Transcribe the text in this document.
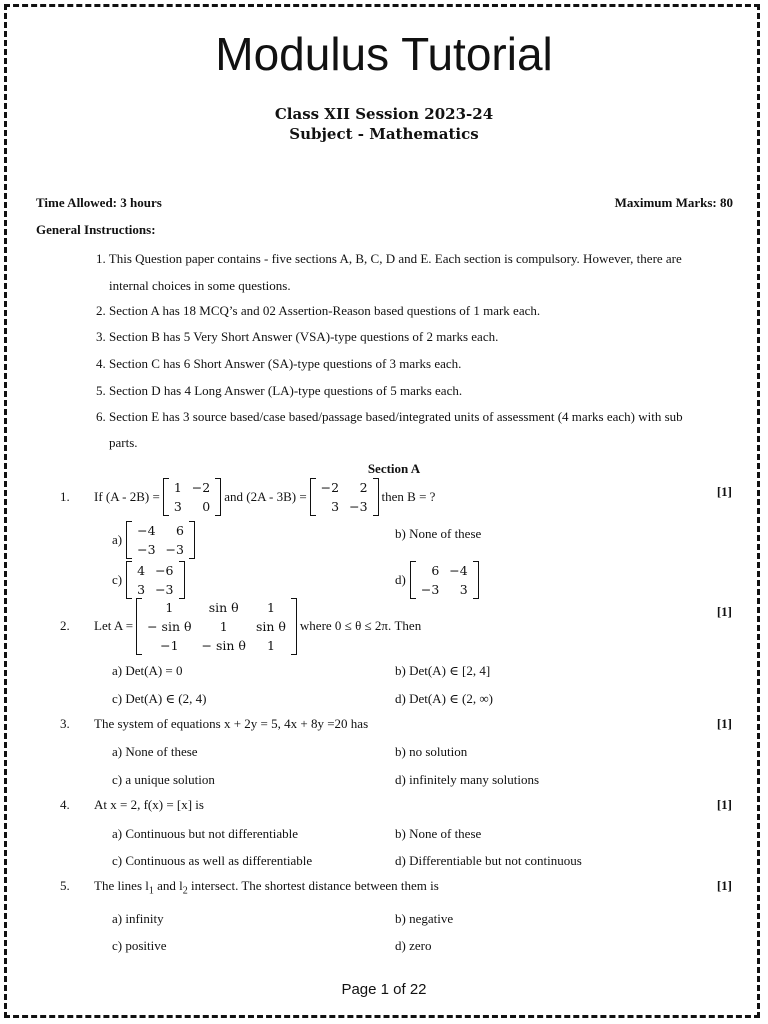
Modulus Tutorial
Class XII Session 2023-24
Subject - Mathematics
Time Allowed: 3 hours	Maximum Marks: 80
General Instructions:
1. This Question paper contains - five sections A, B, C, D and E. Each section is compulsory. However, there are
internal choices in some questions.
2. Section A has 18 MCQ’s and 02 Assertion-Reason based questions of 1 mark each.
3. Section B has 5 Very Short Answer (VSA)-type questions of 2 marks each.
4. Section C has 6 Short Answer (SA)-type questions of 3 marks each.
5. Section D has 4 Long Answer (LA)-type questions of 5 marks each.
6. Section E has 3 source based/case based/passage based/integrated units of assessment (4 marks each) with sub
parts.
Section A
1. If (A - 2B) =
1	−2
3	0
and (2A - 3B) =
−2	2
3	−3
then B = ?	[1]
a)
−4	6
−3	−3
b) None of these
c)
4	−6
3	−3
d)
6	−4
−3	3
2. Let A =
1	sin θ	1
− sin θ	1	sin θ
−1	− sin θ	1
where 0 ≤ θ ≤ 2π. Then
[1]
a) Det(A) = 0	b) Det(A) ∈ [2, 4]
c) Det(A) ∈ (2, 4)	d) Det(A) ∈ (2, ∞)
3. The system of equations x + 2y = 5, 4x + 8y =20 has	[1]
a) None of these	b) no solution
c) a unique solution	d) infinitely many solutions
4. At x = 2, f(x) = [x] is	[1]
a) Continuous but not differentiable	b) None of these
c) Continuous as well as differentiable	d) Differentiable but not continuous
5. The lines $l_1$ and $l_2$ intersect. The shortest distance between them is	[1]
a) infinity	b) negative
c) positive	d) zero
Page 1 of 22
